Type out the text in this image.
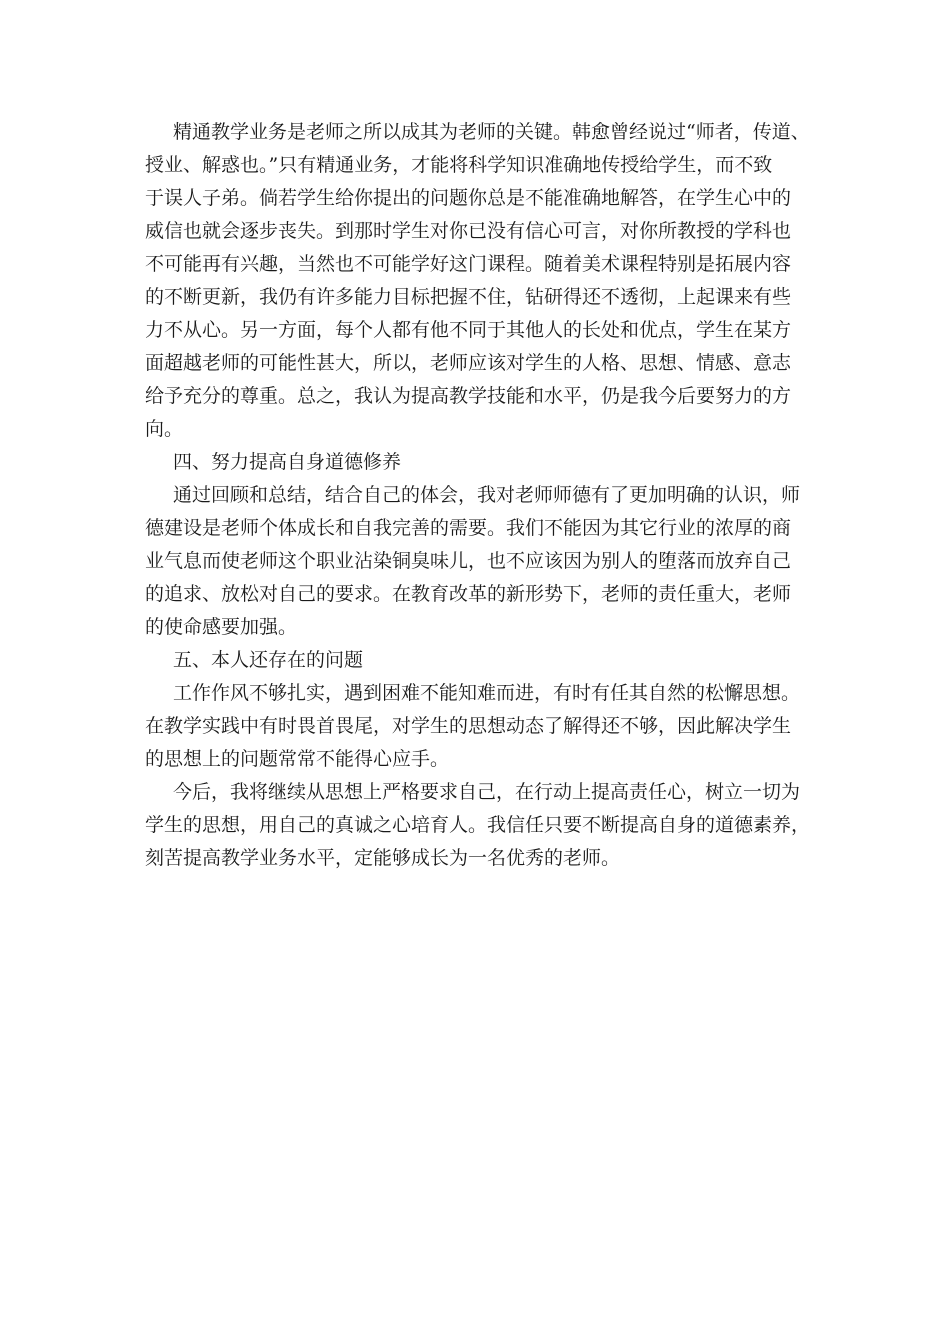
精通教学业务是老师之所以成其为老师的关键。韩愈曾经说过“师者，传道、
授业、解惑也。”只有精通业务，才能将科学知识准确地传授给学生，而不致
于误人子弟。倘若学生给你提出的问题你总是不能准确地解答，在学生心中的
威信也就会逐步丧失。到那时学生对你已没有信心可言，对你所教授的学科也
不可能再有兴趣，当然也不可能学好这门课程。随着美术课程特别是拓展内容
的不断更新，我仍有许多能力目标把握不住，钻研得还不透彻，上起课来有些
力不从心。另一方面，每个人都有他不同于其他人的长处和优点，学生在某方
面超越老师的可能性甚大，所以，老师应该对学生的人格、思想、情感、意志
给予充分的尊重。总之，我认为提高教学技能和水平，仍是我今后要努力的方
向。
四、努力提高自身道德修养
通过回顾和总结，结合自己的体会，我对老师师德有了更加明确的认识，师
德建设是老师个体成长和自我完善的需要。我们不能因为其它行业的浓厚的商
业气息而使老师这个职业沾染铜臭味儿，也不应该因为别人的堕落而放弃自己
的追求、放松对自己的要求。在教育改革的新形势下，老师的责任重大，老师
的使命感要加强。
五、本人还存在的问题
工作作风不够扎实，遇到困难不能知难而进，有时有任其自然的松懈思想。
在教学实践中有时畏首畏尾，对学生的思想动态了解得还不够，因此解决学生
的思想上的问题常常不能得心应手。
今后，我将继续从思想上严格要求自己，在行动上提高责任心，树立一切为
学生的思想，用自己的真诚之心培育人。我信任只要不断提高自身的道德素养，
刻苦提高教学业务水平，定能够成长为一名优秀的老师。
